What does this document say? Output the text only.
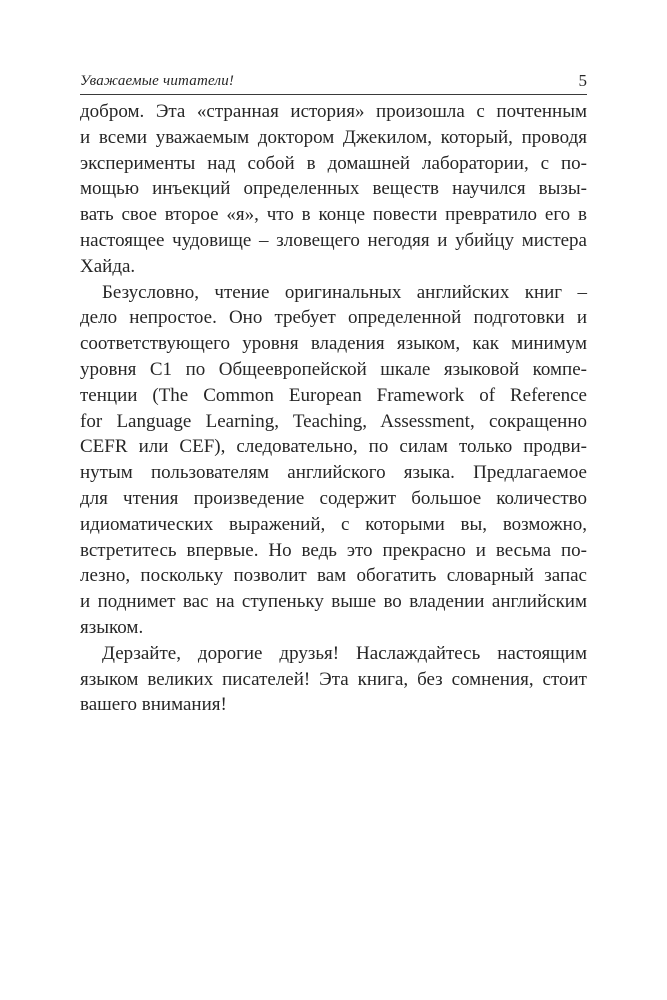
Уважаемые читатели!	5
добром. Эта «странная история» произошла с почтенным
и всеми уважаемым доктором Джекилом, который, проводя
эксперименты над собой в домашней лаборатории, с по-
мощью инъекций определенных веществ научился вызы-
вать свое второе «я», что в конце повести превратило его в
настоящее чудовище – зловещего негодяя и убийцу мистера
Хайда.
Безусловно, чтение оригинальных английских книг –
дело непростое. Оно требует определенной подготовки и
соответствующего уровня владения языком, как минимум
уровня С1 по Общеевропейской шкале языковой компе-
тенции (The Common European Framework of Reference
for Language Learning, Teaching, Assessment, сокращенно
CEFR или CEF), следовательно, по силам только продви-
нутым пользователям английского языка. Предлагаемое
для чтения произведение содержит большое количество
идиоматических выражений, с которыми вы, возможно,
встретитесь впервые. Но ведь это прекрасно и весьма по-
лезно, поскольку позволит вам обогатить словарный запас
и поднимет вас на ступеньку выше во владении английским
языком.
Дерзайте, дорогие друзья! Наслаждайтесь настоящим
языком великих писателей! Эта книга, без сомнения, стоит
вашего внимания!
